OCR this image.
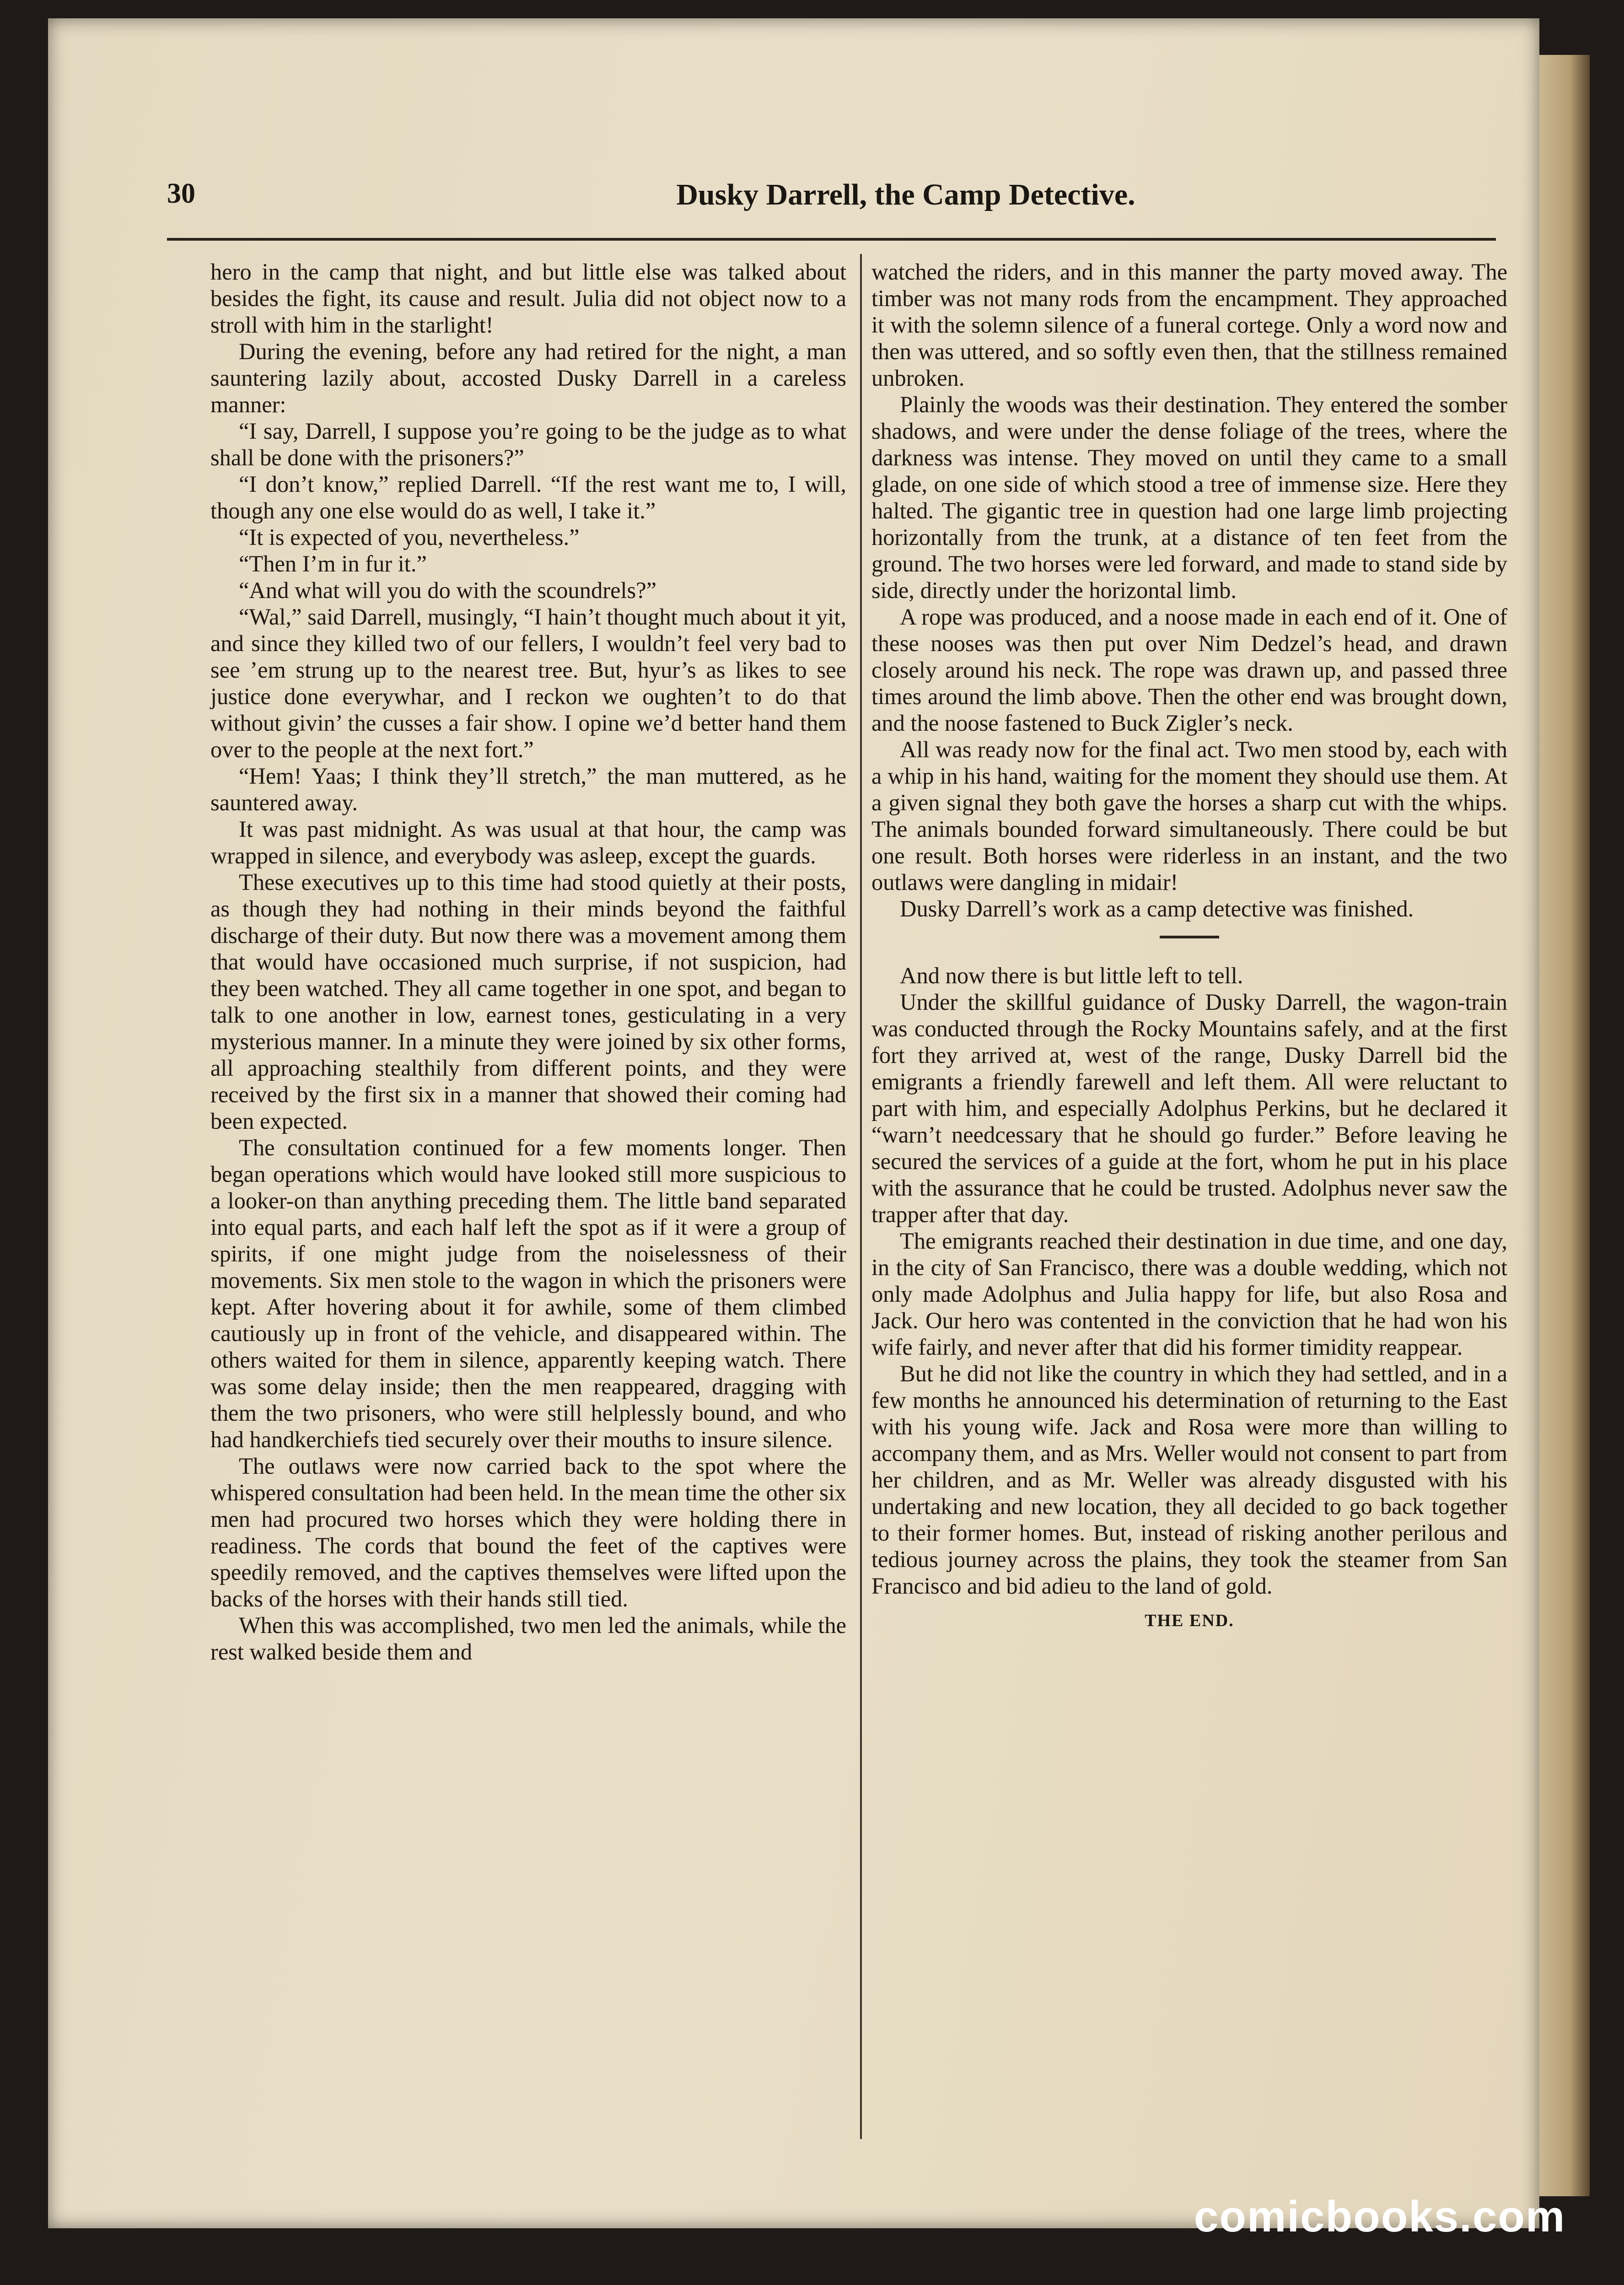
30	Dusky Darrell, the Camp Detective.

hero in the camp that night, and but little else was talked about besides the fight, its cause and result. Julia did not object now to a stroll with him in the starlight!

During the evening, before any had retired for the night, a man sauntering lazily about, accosted Dusky Darrell in a careless manner:

“I say, Darrell, I suppose you’re going to be the judge as to what shall be done with the prisoners?”

“I don’t know,” replied Darrell. “If the rest want me to, I will, though any one else would do as well, I take it.”

“It is expected of you, nevertheless.”

“Then I’m in fur it.”

“And what will you do with the scoundrels?”

“Wal,” said Darrell, musingly, “I hain’t thought much about it yit, and since they killed two of our fellers, I wouldn’t feel very bad to see ’em strung up to the nearest tree. But, hyur’s as likes to see justice done everywhar, and I reckon we oughten’t to do that without givin’ the cusses a fair show. I opine we’d better hand them over to the people at the next fort.”

“Hem! Yaas; I think they’ll stretch,” the man muttered, as he sauntered away.

It was past midnight. As was usual at that hour, the camp was wrapped in silence, and everybody was asleep, except the guards.

These executives up to this time had stood quietly at their posts, as though they had nothing in their minds beyond the faithful discharge of their duty. But now there was a movement among them that would have occasioned much surprise, if not suspicion, had they been watched. They all came together in one spot, and began to talk to one another in low, earnest tones, gesticulating in a very mysterious manner. In a minute they were joined by six other forms, all approaching stealthily from different points, and they were received by the first six in a manner that showed their coming had been expected.

The consultation continued for a few moments longer. Then began operations which would have looked still more suspicious to a looker-on than anything preceding them. The little band separated into equal parts, and each half left the spot as if it were a group of spirits, if one might judge from the noiselessness of their movements. Six men stole to the wagon in which the prisoners were kept. After hovering about it for awhile, some of them climbed cautiously up in front of the vehicle, and disappeared within. The others waited for them in silence, apparently keeping watch. There was some delay inside; then the men reappeared, dragging with them the two prisoners, who were still helplessly bound, and who had handkerchiefs tied securely over their mouths to insure silence.

The outlaws were now carried back to the spot where the whispered consultation had been held. In the mean time the other six men had procured two horses which they were holding there in readiness. The cords that bound the feet of the captives were speedily removed, and the captives themselves were lifted upon the backs of the horses with their hands still tied.

When this was accomplished, two men led the animals, while the rest walked beside them and

watched the riders, and in this manner the party moved away. The timber was not many rods from the encampment. They approached it with the solemn silence of a funeral cortege. Only a word now and then was uttered, and so softly even then, that the stillness remained unbroken.

Plainly the woods was their destination. They entered the somber shadows, and were under the dense foliage of the trees, where the darkness was intense. They moved on until they came to a small glade, on one side of which stood a tree of immense size. Here they halted. The gigantic tree in question had one large limb projecting horizontally from the trunk, at a distance of ten feet from the ground. The two horses were led forward, and made to stand side by side, directly under the horizontal limb.

A rope was produced, and a noose made in each end of it. One of these nooses was then put over Nim Dedzel’s head, and drawn closely around his neck. The rope was drawn up, and passed three times around the limb above. Then the other end was brought down, and the noose fastened to Buck Zigler’s neck.

All was ready now for the final act. Two men stood by, each with a whip in his hand, waiting for the moment they should use them. At a given signal they both gave the horses a sharp cut with the whips. The animals bounded forward simultaneously. There could be but one result. Both horses were riderless in an instant, and the two outlaws were dangling in midair!

Dusky Darrell’s work as a camp detective was finished.

And now there is but little left to tell.

Under the skillful guidance of Dusky Darrell, the wagon-train was conducted through the Rocky Mountains safely, and at the first fort they arrived at, west of the range, Dusky Darrell bid the emigrants a friendly farewell and left them. All were reluctant to part with him, and especially Adolphus Perkins, but he declared it “warn’t needcessary that he should go furder.” Before leaving he secured the services of a guide at the fort, whom he put in his place with the assurance that he could be trusted. Adolphus never saw the trapper after that day.

The emigrants reached their destination in due time, and one day, in the city of San Francisco, there was a double wedding, which not only made Adolphus and Julia happy for life, but also Rosa and Jack. Our hero was contented in the conviction that he had won his wife fairly, and never after that did his former timidity reappear.

But he did not like the country in which they had settled, and in a few months he announced his determination of returning to the East with his young wife. Jack and Rosa were more than willing to accompany them, and as Mrs. Weller would not consent to part from her children, and as Mr. Weller was already disgusted with his undertaking and new location, they all decided to go back together to their former homes. But, instead of risking another perilous and tedious journey across the plains, they took the steamer from San Francisco and bid adieu to the land of gold.

THE END.
comicbooks.com
